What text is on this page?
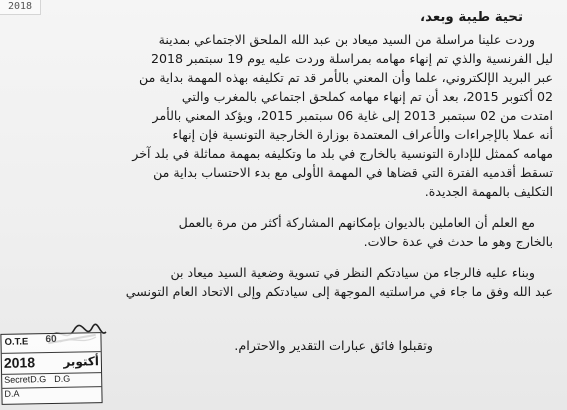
2018

تحية طيبة وبعد،

وردت علينا مراسلة من السيد ميعاد بن عبد الله الملحق الاجتماعي بمدينة

ليل الفرنسية والذي تم إنهاء مهامه بمراسلة وردت عليه يوم 19 سبتمبر 2018

عبر البريد الإلكتروني، علما وأن المعني بالأمر قد تم تكليفه بهذه المهمة بداية من

02 أكتوبر 2015، بعد أن تم إنهاء مهامه كملحق اجتماعي بالمغرب والتي

امتدت من 02 سبتمبر 2013 إلى غاية 06 سبتمبر 2015، ويؤكد المعني بالأمر

أنه عملا بالإجراءات والأعراف المعتمدة بوزارة الخارجية التونسية فإن إنهاء

مهامه كممثل للإدارة التونسية بالخارج في بلد ما وتكليفه بمهمة مماثلة في بلد آخر

تسقط أقدميه الفترة التي قضاها في المهمة الأولى مع بدء الاحتساب بداية من

التكليف بالمهمة الجديدة.

مع العلم أن العاملين بالديوان بإمكانهم المشاركة أكثر من مرة بالعمل

بالخارج وهو ما حدث في عدة حالات.

وبناء عليه فالرجاء من سيادتكم النظر في تسوية وضعية السيد ميعاد بن

عبد الله وفق ما جاء في مراسلتيه الموجهة إلى سيادتكم وإلى الاتحاد العام التونسي

وتقبلوا فائق عبارات التقدير والاحترام.
O.T.E 60
2018 أكتوبر
SecretD.G D.G
D.A
